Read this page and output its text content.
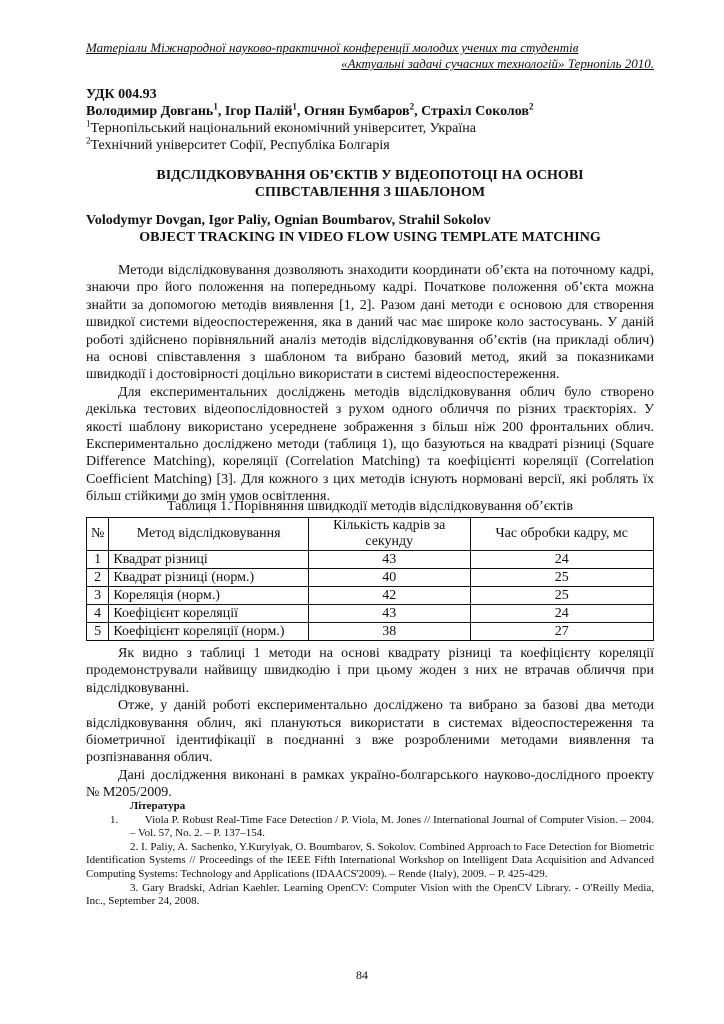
Матеріали Міжнародної науково-практичної конференції молодих учених та студентів
«Актуальні задачі сучасних технологій» Тернопіль 2010.
УДК 004.93
Володимир Довгань$^1$, Ігор Палій$^1$, Огнян Бумбаров$^2$, Страхіл Соколов$^2$
$^1$Тернопільський національний економічний університет, Україна
$^2$Технічний університет Софії, Республіка Болгарія
ВІДСЛІДКОВУВАННЯ ОБ’ЄКТІВ У ВІДЕОПОТОЦІ НА ОСНОВІ
СПІВСТАВЛЕННЯ З ШАБЛОНОМ
Volodymyr Dovgan, Igor Paliy, Ognian Boumbarov, Strahil Sokolov
OBJECT TRACKING IN VIDEO FLOW USING TEMPLATE MATCHING

Методи відслідковування дозволяють знаходити координати об’єкта на поточному кадрі, знаючи про його положення на попередньому кадрі. Початкове положення об’єкта можна знайти за допомогою методів виявлення [1, 2]. Разом дані методи є основою для створення швидкої системи відеоспостереження, яка в даний час має широке коло застосувань. У даній роботі здійснено порівняльний аналіз методів відслідковування об’єктів (на прикладі облич) на основі співставлення з шаблоном та вибрано базовий метод, який за показниками швидкодії і достовірності доцільно використати в системі відеоспостереження.

Для експериментальних досліджень методів відслідковування облич було створено декілька тестових відеопослідовностей з рухом одного обличчя по різних траєкторіях. У якості шаблону використано усереднене зображення з більш ніж 200 фронтальних облич. Експериментально досліджено методи (таблиця 1), що базуються на квадраті різниці (Square Difference Matching), кореляції (Correlation Matching) та коефіцієнті кореляції (Correlation Coefficient Matching) [3]. Для кожного з цих методів існують нормовані версії, які роблять їх більш стійкими до змін умов освітлення.

Таблиця 1. Порівняння швидкодії методів відслідковування об’єктів
№	Метод відслідковування	Кількість кадрів за секунду	Час обробки кадру, мс
1	Квадрат різниці	43	24
2	Квадрат різниці (норм.)	40	25
3	Кореляція (норм.)	42	25
4	Коефіцієнт кореляції	43	24
5	Коефіцієнт кореляції (норм.)	38	27

Як видно з таблиці 1 методи на основі квадрату різниці та коефіцієнту кореляції продемонстрували найвищу швидкодію і при цьому жоден з них не втрачав обличчя при відслідковуванні.

Отже, у даній роботі експериментально досліджено та вибрано за базові два методи відслідковування облич, які плануються використати в системах відеоспостереження та біометричної ідентифікації в поєднанні з вже розробленими методами виявлення та розпізнавання облич.

Дані дослідження виконані в рамках україно-болгарського науково-дослідного проекту № М205/2009.

Література

1.         Viola P. Robust Real-Time Face Detection / P. Viola, M. Jones // International Journal of Computer Vision. – 2004. – Vol. 57, No. 2. – P. 137–154.

2. I. Paliy, A. Sachenko, Y.Kurylyak, O. Boumbarov, S. Sokolov. Combined Approach to Face Detection for Biometric Identification Systems // Proceedings of the IEEE Fifth International Workshop on Intelligent Data Acquisition and Advanced Computing Systems: Technology and Applications (IDAACS'2009). – Rende (Italy), 2009. – P. 425-429.

3. Gary Bradski, Adrian Kaehler. Learning OpenCV: Computer Vision with the OpenCV Library. - O'Reilly Media, Inc., September 24, 2008.

84
